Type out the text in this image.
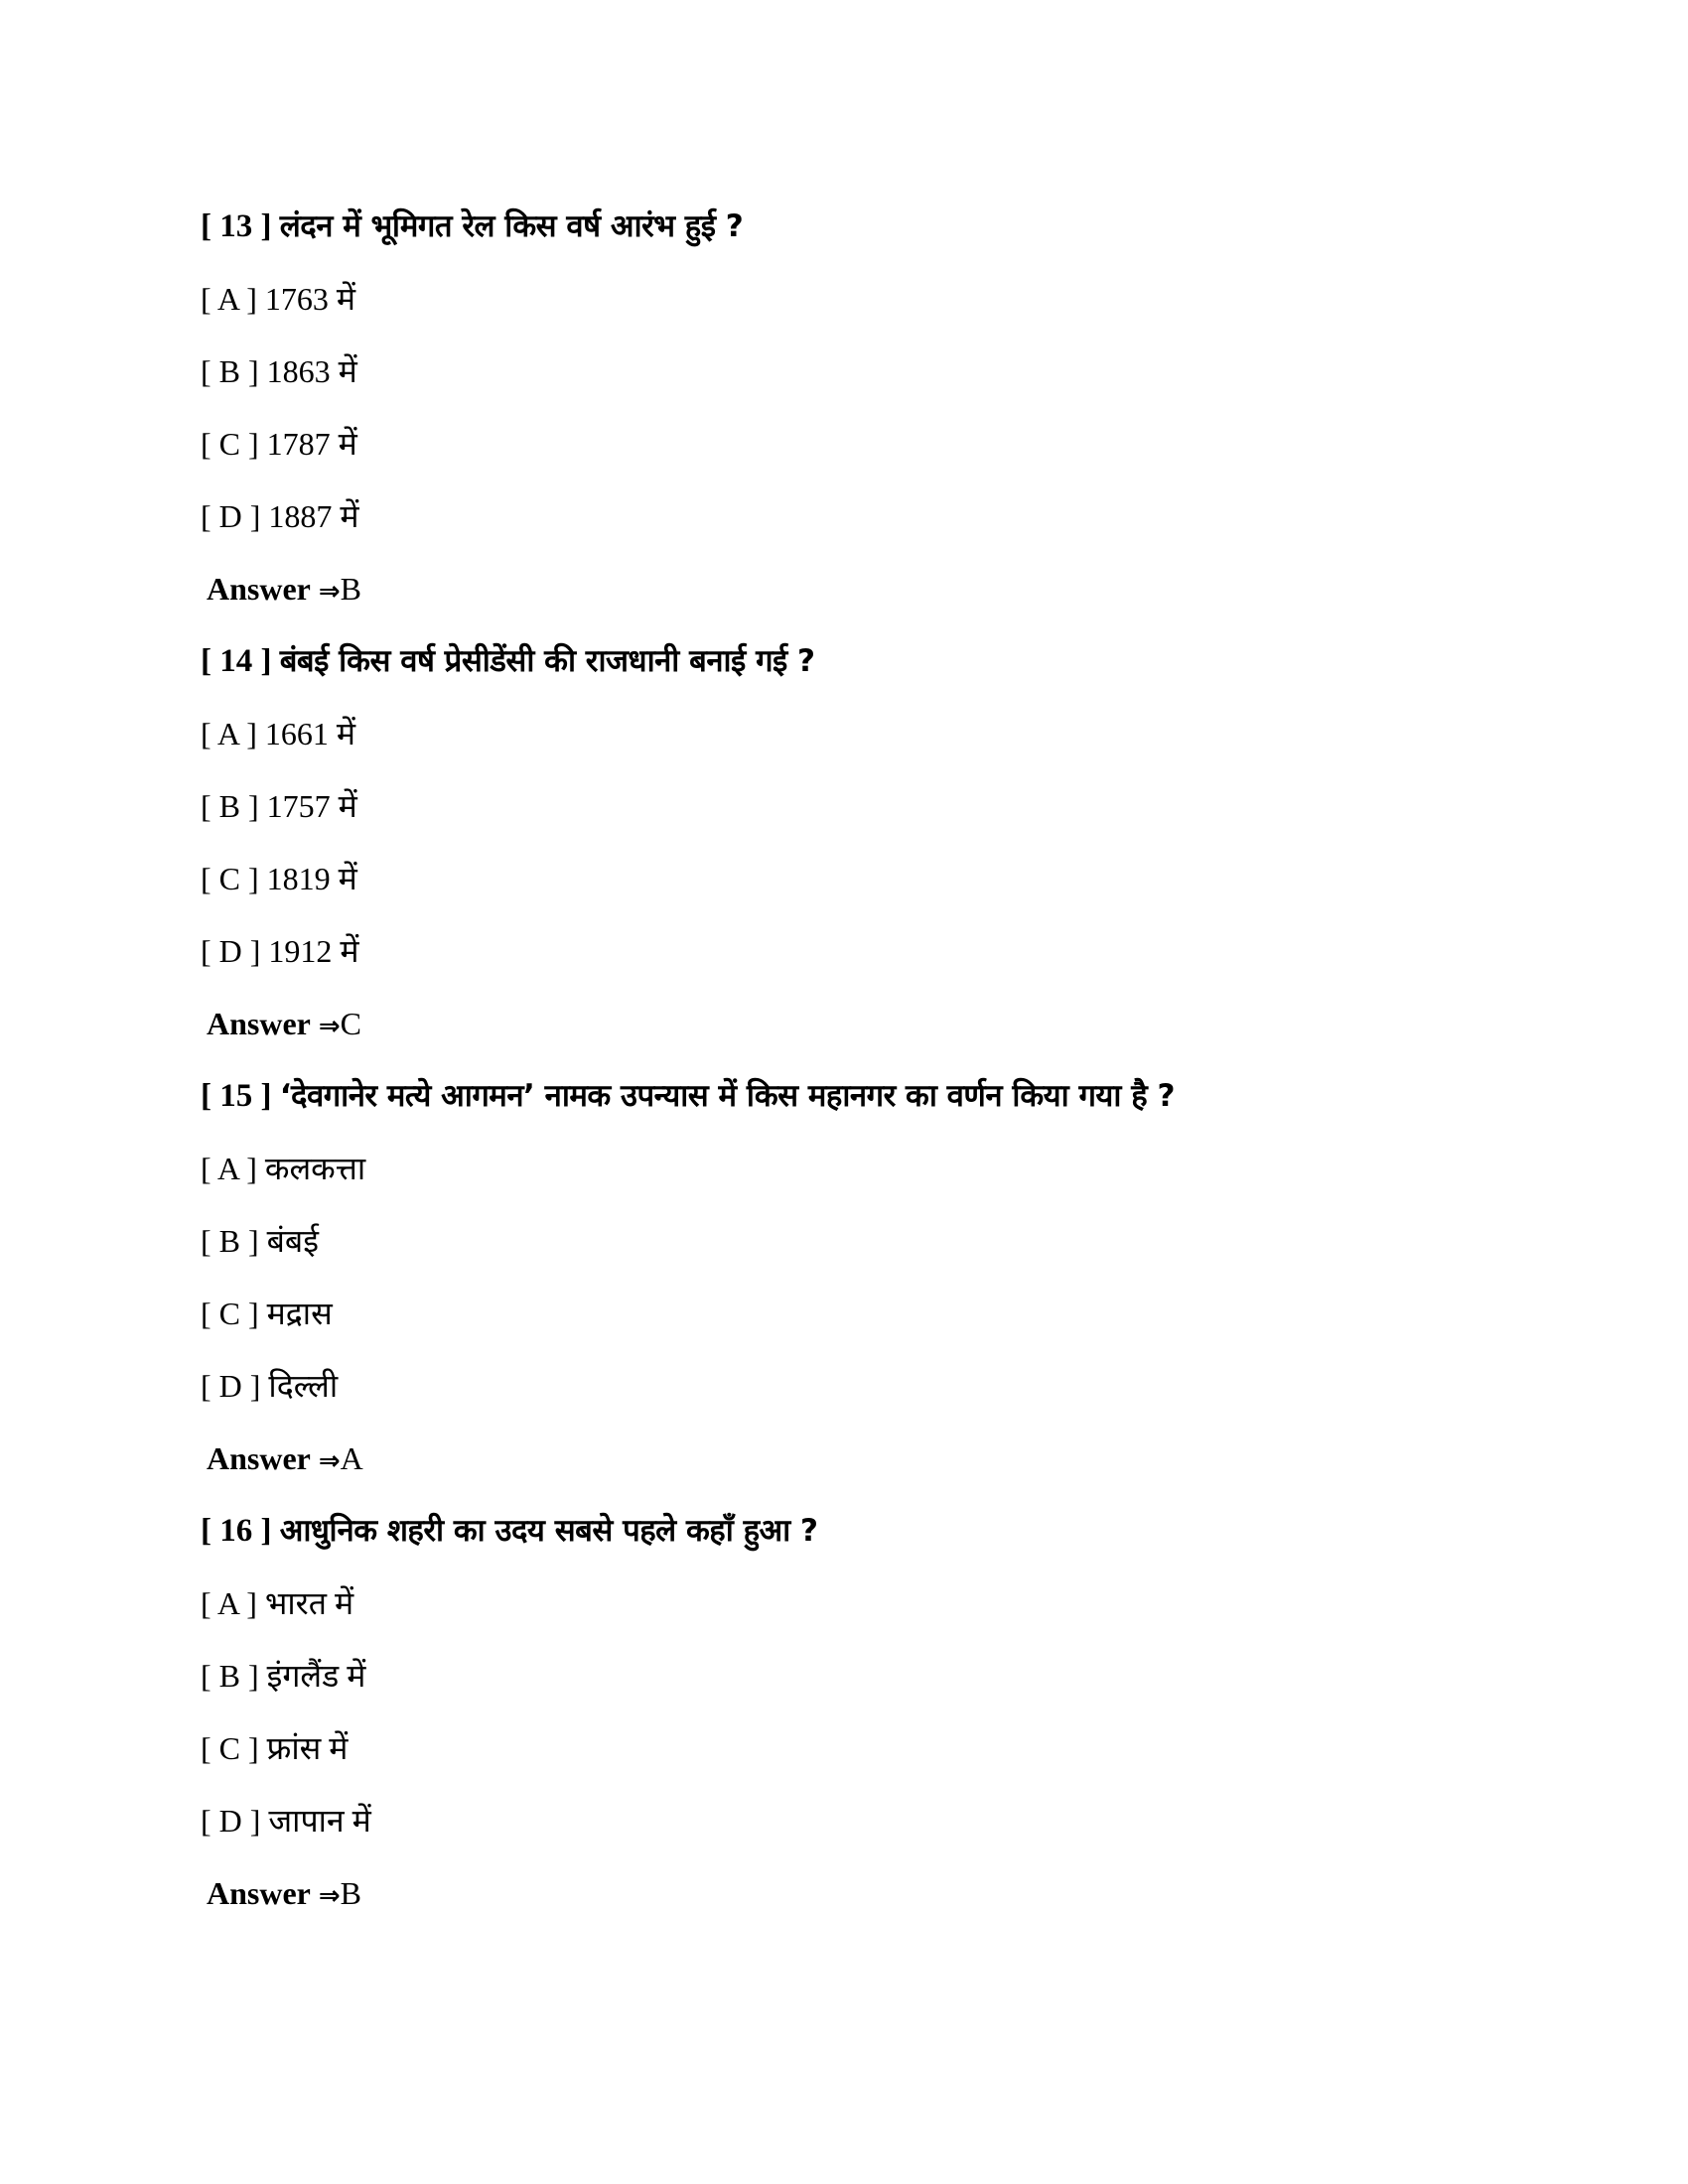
[ 13 ] लंदन में भूमिगत रेल किस वर्ष आरंभ हुई ?
[ A ] 1763 में
[ B ] 1863 में
[ C ] 1787 में
[ D ] 1887 में
Answer ⇒B
[ 14 ] बंबई किस वर्ष प्रेसीडेंसी की राजधानी बनाई गई ?
[ A ] 1661 में
[ B ] 1757 में
[ C ] 1819 में
[ D ] 1912 में
Answer ⇒C
[ 15 ] ‘देवगानेर मत्ये आगमन’ नामक उपन्यास में किस महानगर का वर्णन किया गया है ?
[ A ] कलकत्ता
[ B ] बंबई
[ C ] मद्रास
[ D ] दिल्ली
Answer ⇒A
[ 16 ] आधुनिक शहरी का उदय सबसे पहले कहाँ हुआ ?
[ A ] भारत में
[ B ] इंगलैंड में
[ C ] फ्रांस में
[ D ] जापान में
Answer ⇒B
